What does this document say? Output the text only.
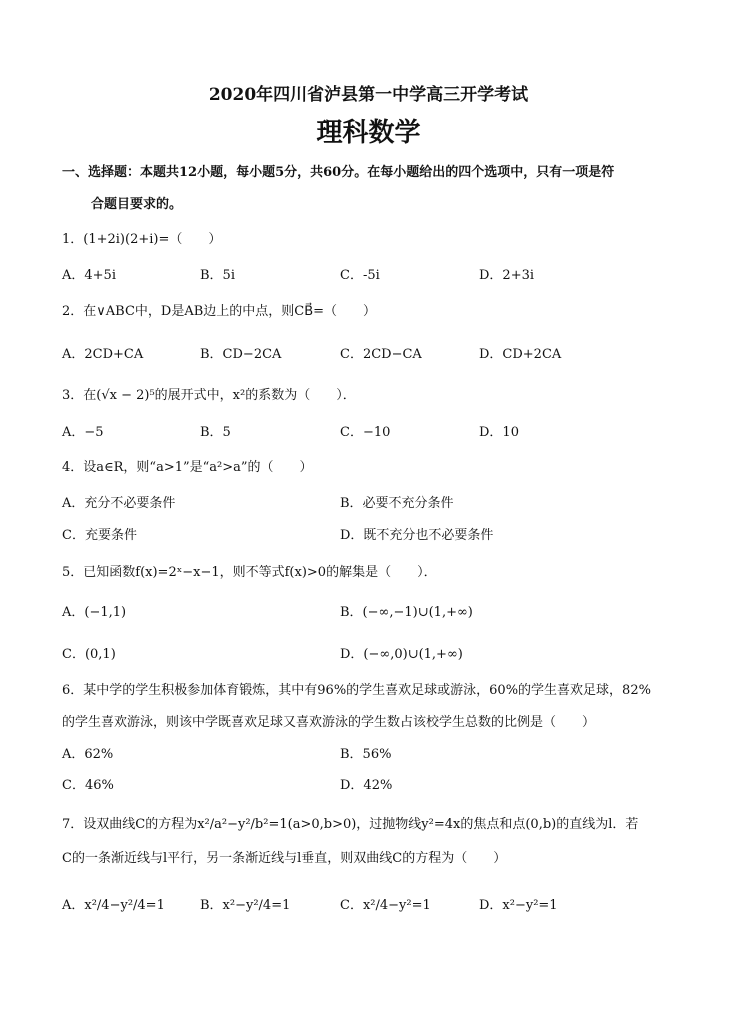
2020年四川省泸县第一中学高三开学考试
理科数学
一、选择题：本题共12小题，每小题5分，共60分。在每小题给出的四个选项中，只有一项是符
合题目要求的。
1．(1+2i)(2+i)=（　　）
A．4+5i	B．5i	C．-5i	D．2+3i
2．在∨ABC中，D是AB边上的中点，则CB⃗=（　　）
A．2CD+CA	B．CD−2CA	C．2CD−CA	D．CD+2CA
3．在(√x − 2)⁵的展开式中，x²的系数为（　　）．
A．−5	B．5	C．−10	D．10
4．设a∈R，则“a>1”是“a²>a”的（　　）
A．充分不必要条件	B．必要不充分条件
C．充要条件	D．既不充分也不必要条件
5．已知函数f(x)=2ˣ−x−1，则不等式f(x)>0的解集是（　　）．
A．(−1,1)	B．(−∞,−1)∪(1,+∞)
C．(0,1)	D．(−∞,0)∪(1,+∞)
6．某中学的学生积极参加体育锻炼，其中有96%的学生喜欢足球或游泳，60%的学生喜欢足球，82%
的学生喜欢游泳，则该中学既喜欢足球又喜欢游泳的学生数占该校学生总数的比例是（　　）
A．62%	B．56%
C．46%	D．42%
7．设双曲线C的方程为x²/a²−y²/b²=1(a>0,b>0)，过抛物线y²=4x的焦点和点(0,b)的直线为l．若
C的一条渐近线与l平行，另一条渐近线与l垂直，则双曲线C的方程为（　　）
A．x²/4−y²/4=1	B．x²−y²/4=1	C．x²/4−y²=1	D．x²−y²=1
